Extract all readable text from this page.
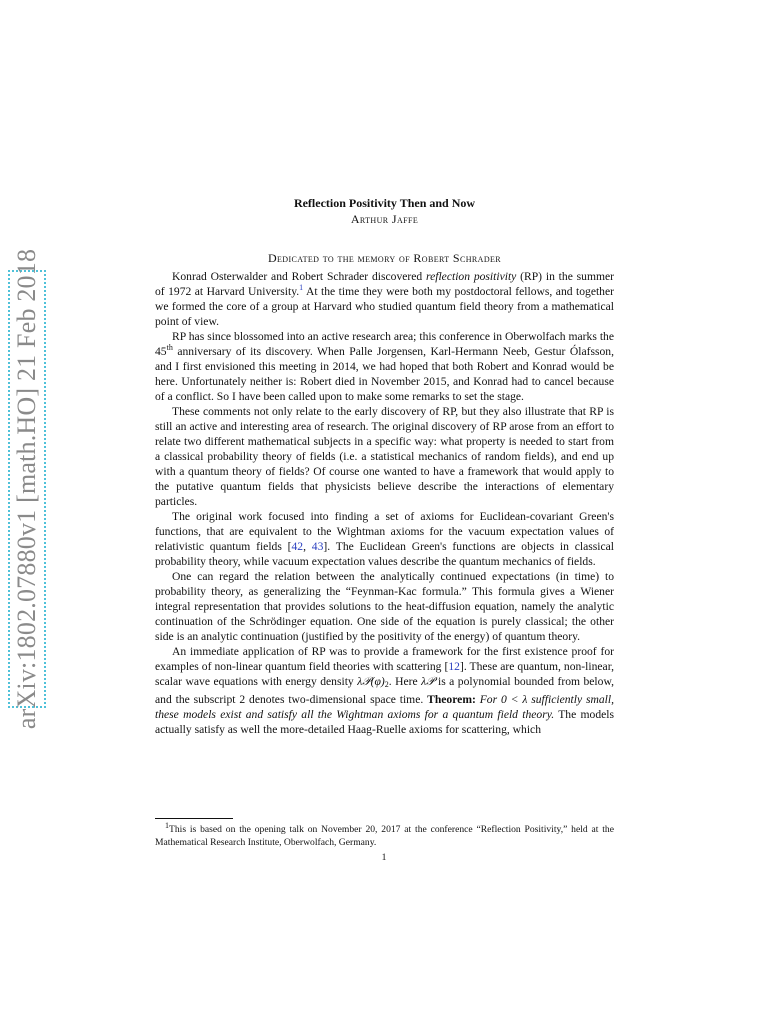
arXiv:1802.07880v1 [math.HO] 21 Feb 2018

Reflection Positivity Then and Now

Arthur Jaffe

Dedicated to the memory of Robert Schrader

Konrad Osterwalder and Robert Schrader discovered reflection positivity (RP) in the summer of 1972 at Harvard University.$^1$ At the time they were both my postdoctoral fellows, and together we formed the core of a group at Harvard who studied quantum field theory from a mathematical point of view.

RP has since blossomed into an active research area; this conference in Oberwolfach marks the 45th anniversary of its discovery. When Palle Jorgensen, Karl-Hermann Neeb, Gestur Ólafsson, and I first envisioned this meeting in 2014, we had hoped that both Robert and Konrad would be here. Unfortunately neither is: Robert died in November 2015, and Konrad had to cancel because of a conflict. So I have been called upon to make some remarks to set the stage.

These comments not only relate to the early discovery of RP, but they also illustrate that RP is still an active and interesting area of research. The original discovery of RP arose from an effort to relate two different mathematical subjects in a specific way: what property is needed to start from a classical probability theory of fields (i.e. a statistical mechanics of random fields), and end up with a quantum theory of fields? Of course one wanted to have a framework that would apply to the putative quantum fields that physicists believe describe the interactions of elementary particles.

The original work focused into finding a set of axioms for Euclidean-covariant Green's functions, that are equivalent to the Wightman axioms for the vacuum expectation values of relativistic quantum fields [42, 43]. The Euclidean Green's functions are objects in classical probability theory, while vacuum expectation values describe the quantum mechanics of fields.

One can regard the relation between the analytically continued expectations (in time) to probability theory, as generalizing the “Feynman-Kac formula.” This formula gives a Wiener integral representation that provides solutions to the heat-diffusion equation, namely the analytic continuation of the Schrödinger equation. One side of the equation is purely classical; the other side is an analytic continuation (justified by the positivity of the energy) of quantum theory.

An immediate application of RP was to provide a framework for the first existence proof for examples of non-linear quantum field theories with scattering [12]. These are quantum, non-linear, scalar wave equations with energy density $\lambda 𝒫(\varphi)_2$. Here λ𝒫 is a polynomial bounded from below, and the subscript 2 denotes two-dimensional space time. Theorem: For 0 < λ sufficiently small, these models exist and satisfy all the Wightman axioms for a quantum field theory. The models actually satisfy as well the more-detailed Haag-Ruelle axioms for scattering, which

$^1$This is based on the opening talk on November 20, 2017 at the conference “Reflection Positivity,” held at the Mathematical Research Institute, Oberwolfach, Germany.

1
